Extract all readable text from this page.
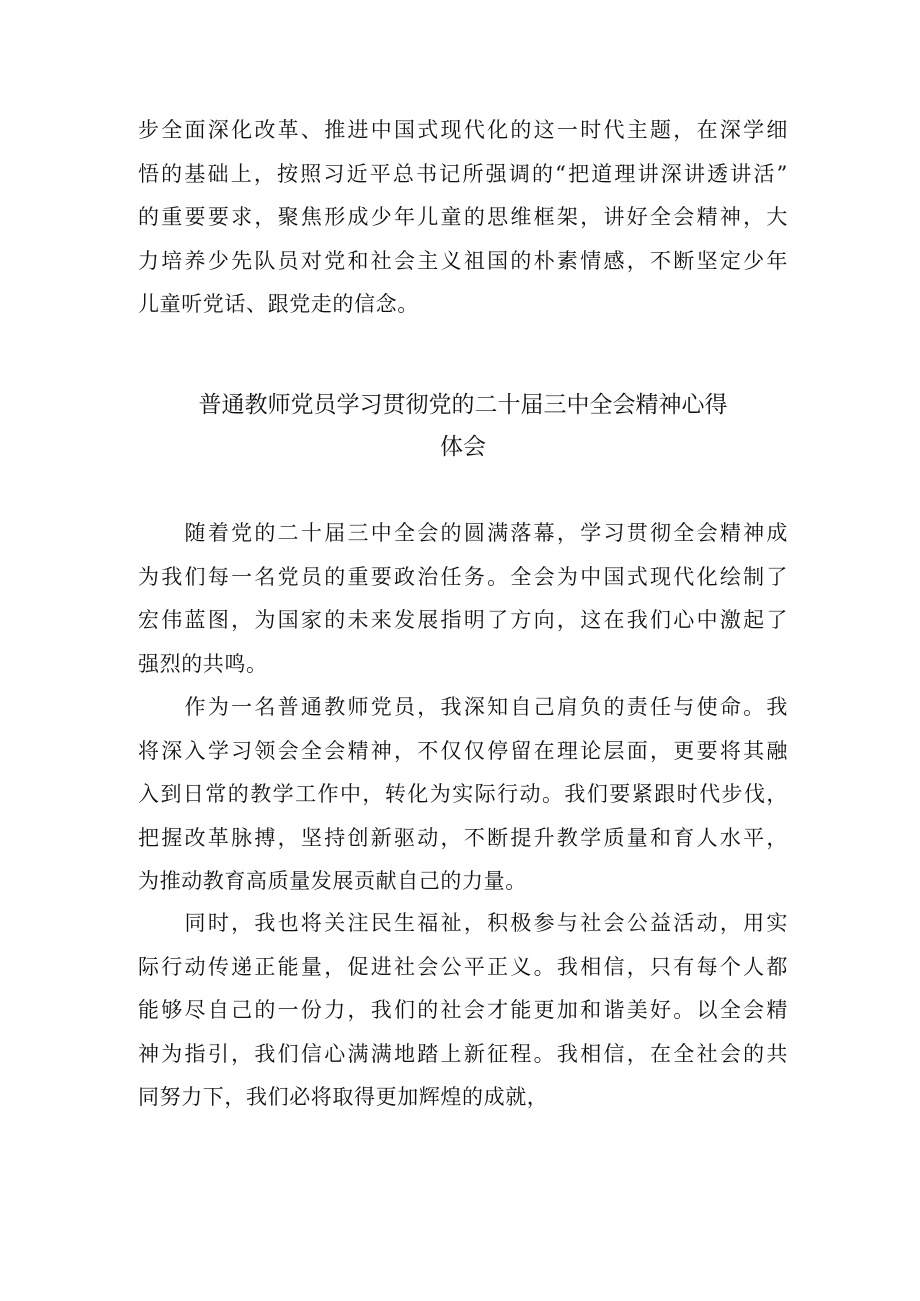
步全面深化改革、推进中国式现代化的这一时代主题，在深学细
悟的基础上，按照习近平总书记所强调的“把道理讲深讲透讲活”
的重要要求，聚焦形成少年儿童的思维框架，讲好全会精神，大
力培养少先队员对党和社会主义祖国的朴素情感，不断坚定少年
儿童听党话、跟党走的信念。
普通教师党员学习贯彻党的二十届三中全会精神心得
体会
　　随着党的二十届三中全会的圆满落幕，学习贯彻全会精神成
为我们每一名党员的重要政治任务。全会为中国式现代化绘制了
宏伟蓝图，为国家的未来发展指明了方向，这在我们心中激起了
强烈的共鸣。
　　作为一名普通教师党员，我深知自己肩负的责任与使命。我
将深入学习领会全会精神，不仅仅停留在理论层面，更要将其融
入到日常的教学工作中，转化为实际行动。我们要紧跟时代步伐，
把握改革脉搏，坚持创新驱动，不断提升教学质量和育人水平，
为推动教育高质量发展贡献自己的力量。
　　同时，我也将关注民生福祉，积极参与社会公益活动，用实
际行动传递正能量，促进社会公平正义。我相信，只有每个人都
能够尽自己的一份力，我们的社会才能更加和谐美好。以全会精
神为指引，我们信心满满地踏上新征程。我相信，在全社会的共
同努力下，我们必将取得更加辉煌的成就，
